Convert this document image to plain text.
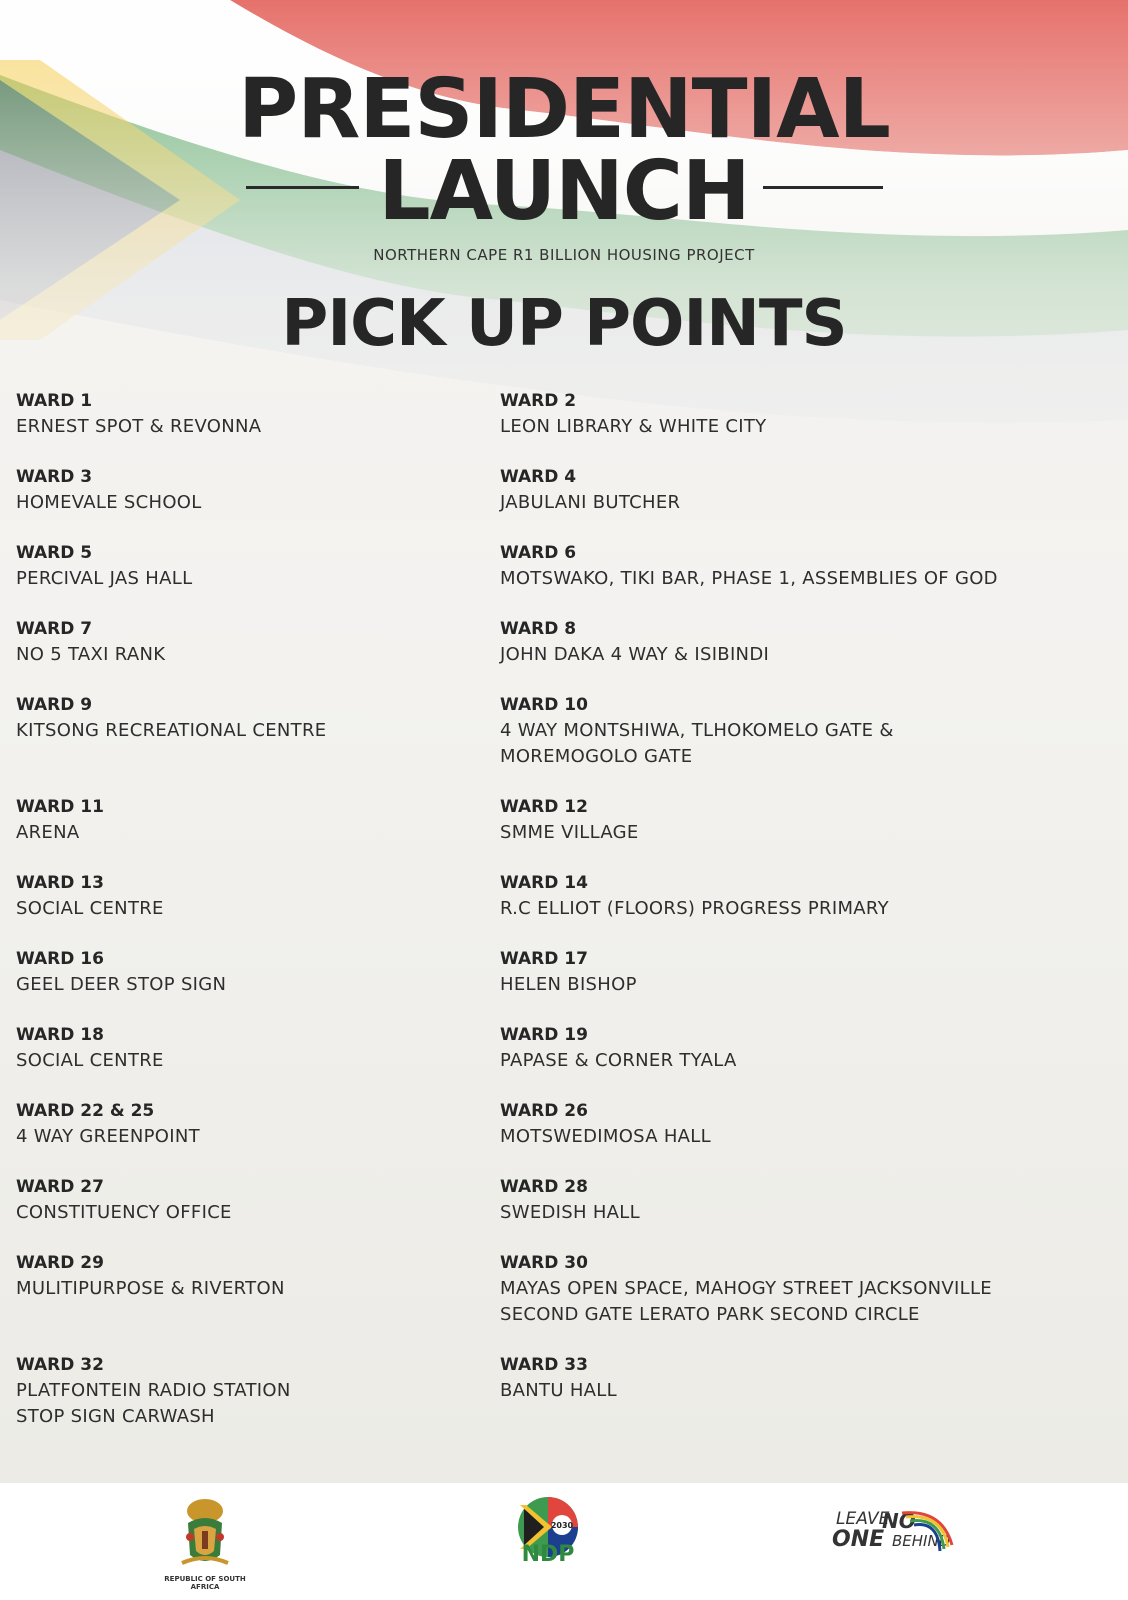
PRESIDENTIAL
LAUNCH
NORTHERN CAPE R1 BILLION HOUSING PROJECT
PICK UP POINTS
WARD 1
ERNEST SPOT & REVONNA
WARD 3
HOMEVALE SCHOOL
WARD 5
PERCIVAL JAS HALL
WARD 7
NO 5 TAXI RANK
WARD 9
KITSONG RECREATIONAL CENTRE
WARD 11
ARENA
WARD 13
SOCIAL CENTRE
WARD 16
GEEL DEER STOP SIGN
WARD 18
SOCIAL CENTRE
WARD 22 & 25
4 WAY GREENPOINT
WARD 27
CONSTITUENCY OFFICE
WARD 29
MULITIPURPOSE & RIVERTON
WARD 32
PLATFONTEIN RADIO STATION
STOP SIGN CARWASH
WARD 2
LEON LIBRARY & WHITE CITY
WARD 4
JABULANI BUTCHER
WARD 6
MOTSWAKO, TIKI BAR, PHASE 1, ASSEMBLIES OF GOD
WARD 8
JOHN DAKA 4 WAY & ISIBINDI
WARD 10
4 WAY MONTSHIWA, TLHOKOMELO GATE &
MOREMOGOLO GATE
WARD 12
SMME VILLAGE
WARD 14
R.C ELLIOT (FLOORS) PROGRESS PRIMARY
WARD 17
HELEN BISHOP
WARD 19
PAPASE & CORNER TYALA
WARD 26
MOTSWEDIMOSA HALL
WARD 28
SWEDISH HALL
WARD 30
MAYAS OPEN SPACE, MAHOGY STREET JACKSONVILLE
SECOND GATE LERATO PARK SECOND CIRCLE
WARD 33
BANTU HALL
REPUBLIC OF SOUTH AFRICA
2030
NDP
LEAVE
NO
ONE BEHIND
